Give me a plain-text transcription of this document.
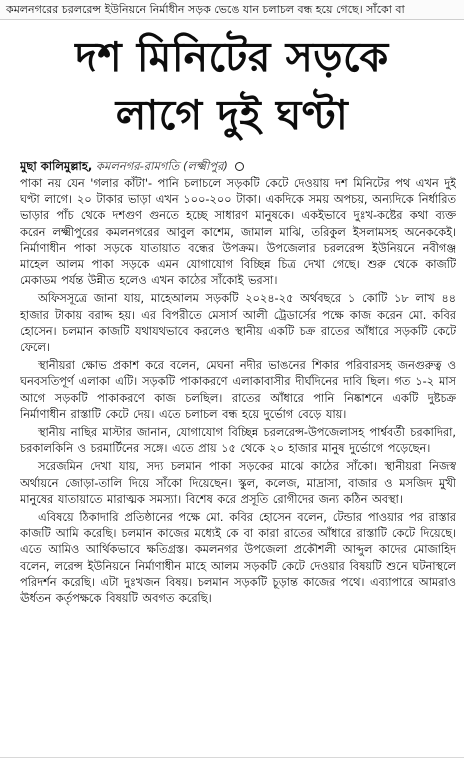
কমলনগরের চরলরেন্স ইউনিয়নে নির্মাধীন সড়ক ভেঙে যান চলাচল বন্ধ হয়ে গেছে। সাঁকো বা
দশ মিনিটের সড়কে
লাগে দুই ঘণ্টা
মুছা কালিমুল্লাহ, কমলনগর-রামগতি (লক্ষ্মীপুর)

পাকা নয় যেন 'গলার কাঁটা'- পানি চলাচলে সড়কটি কেটে দেওয়ায় দশ মিনিটের পথ এখন দুই ঘণ্টা লাগে। ২০ টাকার ভাড়া এখন ১০০-২০০ টাকা। একদিকে সময় অপচয়, অন্যদিকে নির্ধারিত ভাড়ার পাঁচ থেকে দশগুণ গুনতে হচ্ছে সাধারণ মানুষকে। একইভাবে দুঃখ-কষ্টের কথা ব্যক্ত করেন লক্ষ্মীপুরের কমলনগরের আবুল কাশেম, জামাল মাঝি, তরিকুল ইসলামসহ অনেককেই। নির্মাণাধীন পাকা সড়কে যাতায়াত বন্ধের উপক্রম। উপজেলার চরলরেন্স ইউনিয়নে নবীগঞ্জ মাহেল আলম পাকা সড়কে এমন যোগাযোগ বিচ্ছিন্ন চিত্র দেখা গেছে। শুরু থেকে কাজটি মেকাডম পর্যন্ত উন্নীত হলেও এখন কাঠের সাঁকোই ভরসা।

অফিসসূত্রে জানা যায়, মাহেআলম সড়কটি ২০২৪-২৫ অর্থবছরে ১ কোটি ১৮ লাখ ৪৪ হাজার টাকায় বরাদ্দ হয়। এর বিপরীতে মেসার্স আলী ট্রেডার্সের পক্ষে কাজ করেন মো. কবির হোসেন। চলমান কাজটি যথাযথভাবে করলেও স্থানীয় একটি চক্র রাতের আঁধারে সড়কটি কেটে ফেলে।

স্থানীয়রা ক্ষোভ প্রকাশ করে বলেন, মেঘনা নদীর ভাঙনের শিকার পরিবারসহ জনগুরুত্ব ও ঘনবসতিপূর্ণ এলাকা এটি। সড়কটি পাকাকরণে এলাকাবাসীর দীর্ঘদিনের দাবি ছিল। গত ১-২ মাস আগে সড়কটি পাকাকরণে কাজ চলছিল। রাতের আঁধারে পানি নিষ্কাশনে একটি দুষ্টচক্র নির্মাণাধীন রাস্তাটি কেটে দেয়। এতে চলাচল বন্ধ হয়ে দুর্ভোগ বেড়ে যায়।

স্থানীয় নাছির মাস্টার জানান, যোগাযোগ বিচ্ছিন্ন চরলরেন্স-উপজেলাসহ পার্শ্ববর্তী চরকাদিরা, চরকালকিনি ও চরমার্টিনের সঙ্গে। এতে প্রায় ১৫ থেকে ২০ হাজার মানুষ দুর্ভোগে পড়েছেন।

সরেজমিন দেখা যায়, সদ্য চলমান পাকা সড়কের মাঝে কাঠের সাঁকো। স্থানীয়রা নিজস্ব অর্থায়নে জোড়া-তালি দিয়ে সাঁকো দিয়েছেন। স্কুল, কলেজ, মাদ্রাসা, বাজার ও মসজিদ মুখী মানুষের যাতায়াতে মারাত্মক সমস্যা। বিশেষ করে প্রসূতি রোগীদের জন্য কঠিন অবস্থা।

এবিষয়ে ঠিকাদারি প্রতিষ্ঠানের পক্ষে মো. কবির হোসেন বলেন, টেন্ডার পাওয়ার পর রাস্তার কাজটি আমি করেছি। চলমান কাজের মধ্যেই কে বা কারা রাতের আঁধারে রাস্তাটি কেটে দিয়েছে। এতে আমিও আর্থিকভাবে ক্ষতিগ্রস্ত। কমলনগর উপজেলা প্রকৌশলী আব্দুল কাদের মোজাহিদ বলেন, লরেন্স ইউনিয়নে নির্মাণাধীন মাহে আলম সড়কটি কেটে দেওয়ার বিষয়টি শুনে ঘটনাস্থলে পরিদর্শন করেছি। এটা দুঃখজন বিষয়। চলমান সড়কটি চূড়ান্ত কাজের পথে। এব্যাপারে আমরাও ঊর্ধতন কর্তৃপক্ষকে বিষয়টি অবগত করেছি।
